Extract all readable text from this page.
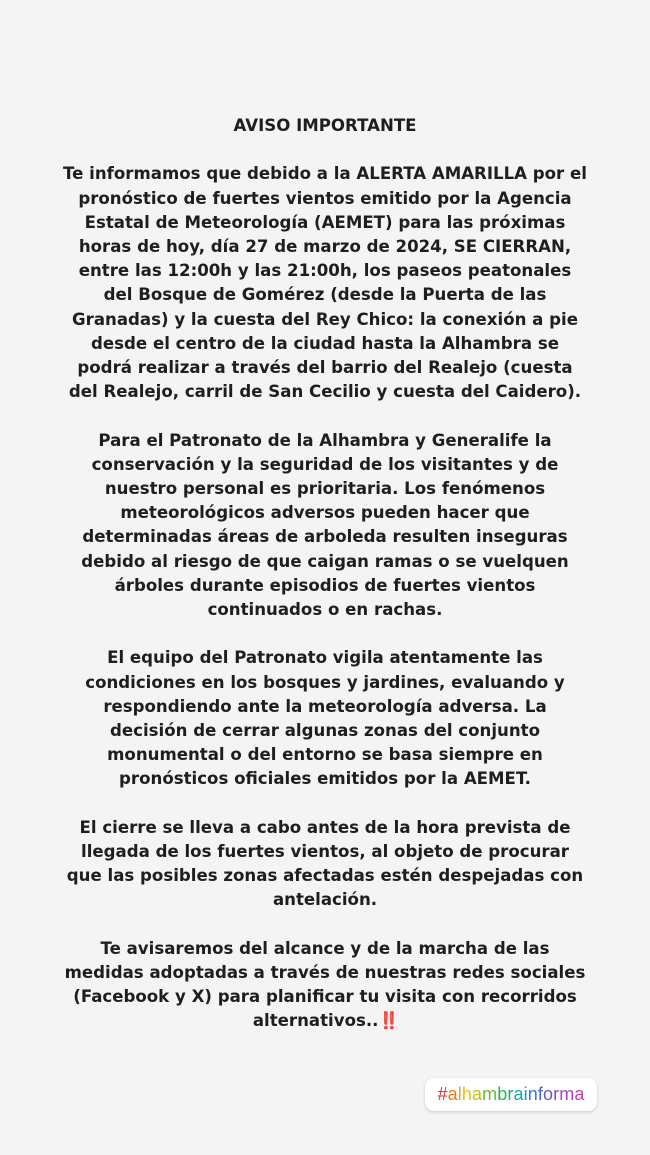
AVISO IMPORTANTE

Te informamos que debido a la ALERTA AMARILLA por el pronóstico de fuertes vientos emitido por la Agencia Estatal de Meteorología (AEMET) para las próximas horas de hoy, día 27 de marzo de 2024, SE CIERRAN, entre las 12:00h y las 21:00h, los paseos peatonales del Bosque de Gomérez (desde la Puerta de las Granadas) y la cuesta del Rey Chico: la conexión a pie desde el centro de la ciudad hasta la Alhambra se podrá realizar a través del barrio del Realejo (cuesta del Realejo, carril de San Cecilio y cuesta del Caidero).

Para el Patronato de la Alhambra y Generalife la conservación y la seguridad de los visitantes y de nuestro personal es prioritaria. Los fenómenos meteorológicos adversos pueden hacer que determinadas áreas de arboleda resulten inseguras debido al riesgo de que caigan ramas o se vuelquen árboles durante episodios de fuertes vientos continuados o en rachas.

El equipo del Patronato vigila atentamente las condiciones en los bosques y jardines, evaluando y respondiendo ante la meteorología adversa. La decisión de cerrar algunas zonas del conjunto monumental o del entorno se basa siempre en pronósticos oficiales emitidos por la AEMET.

El cierre se lleva a cabo antes de la hora prevista de llegada de los fuertes vientos, al objeto de procurar que las posibles zonas afectadas estén despejadas con antelación.

Te avisaremos del alcance y de la marcha de las medidas adoptadas a través de nuestras redes sociales (Facebook y X) para planificar tu visita con recorridos alternativos..‼️

#alhambrainforma
